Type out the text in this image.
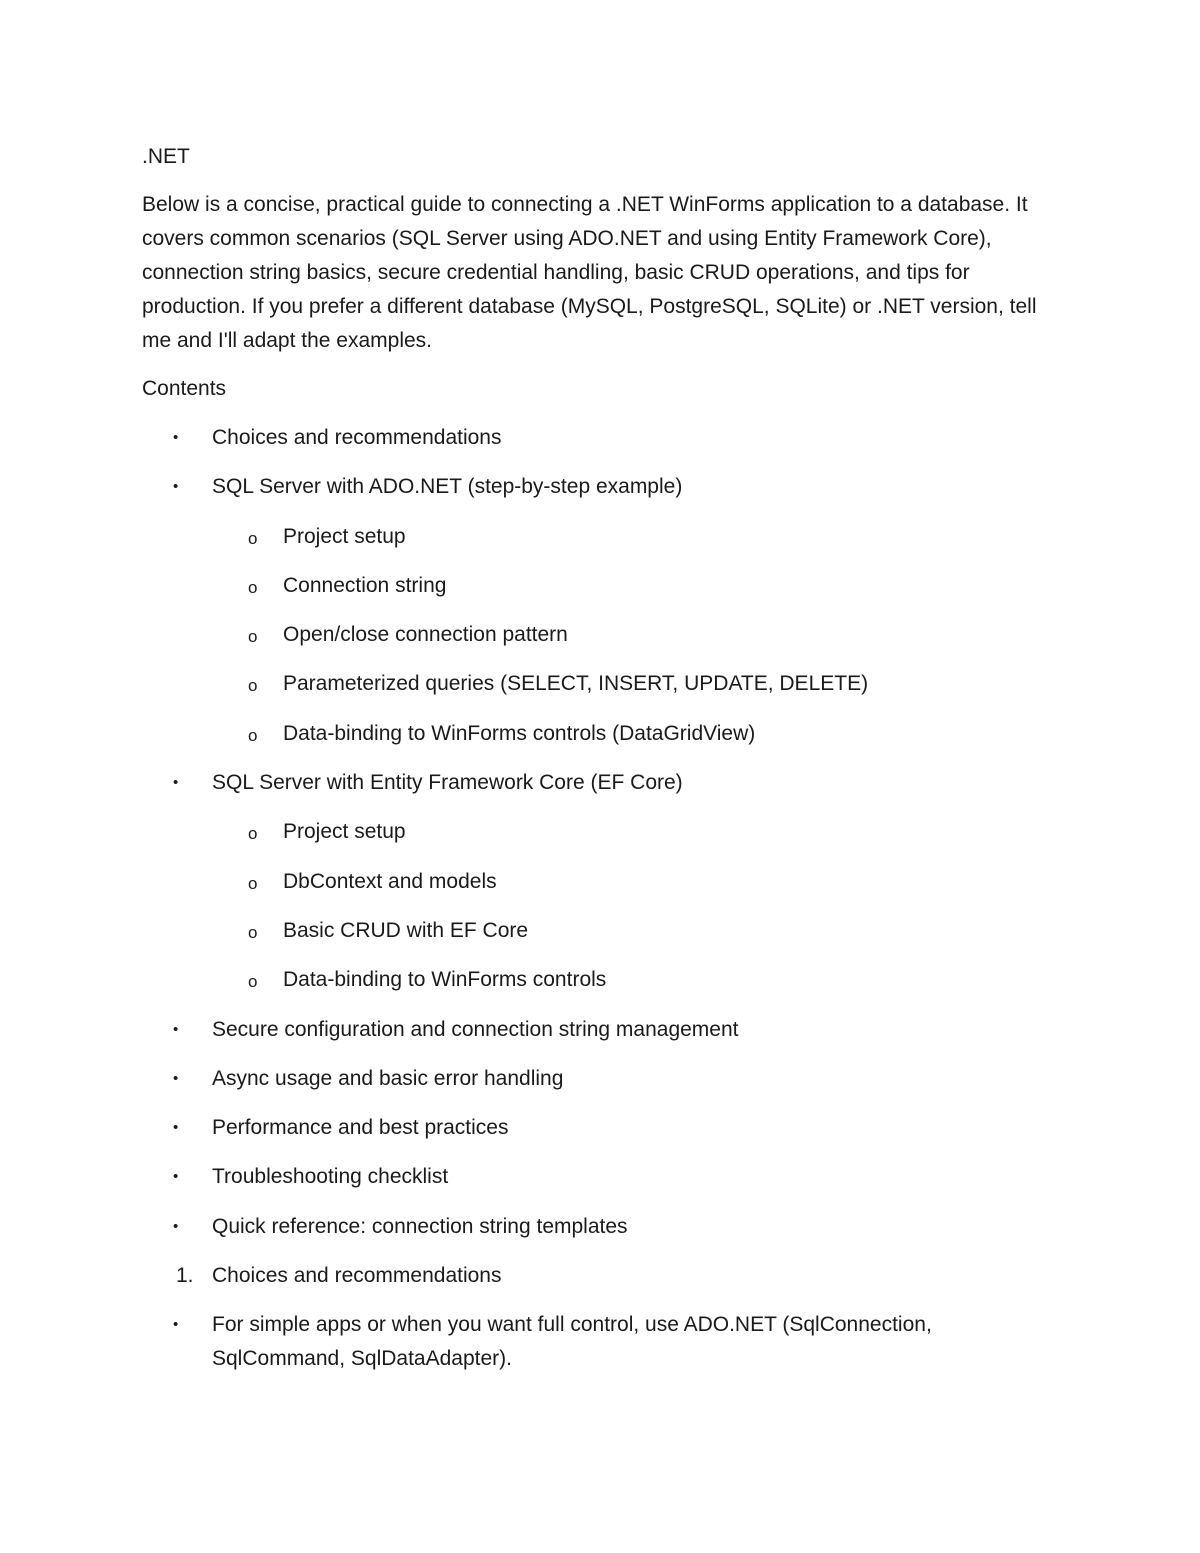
.NET

Below is a concise, practical guide to connecting a .NET WinForms application to a database. It covers common scenarios (SQL Server using ADO.NET and using Entity Framework Core), connection string basics, secure credential handling, basic CRUD operations, and tips for production. If you prefer a different database (MySQL, PostgreSQL, SQLite) or .NET version, tell me and I'll adapt the examples.

Contents

• Choices and recommendations
• SQL Server with ADO.NET (step-by-step example)
o Project setup
o Connection string
o Open/close connection pattern
o Parameterized queries (SELECT, INSERT, UPDATE, DELETE)
o Data-binding to WinForms controls (DataGridView)
• SQL Server with Entity Framework Core (EF Core)
o Project setup
o DbContext and models
o Basic CRUD with EF Core
o Data-binding to WinForms controls
• Secure configuration and connection string management
• Async usage and basic error handling
• Performance and best practices
• Troubleshooting checklist
• Quick reference: connection string templates
1. Choices and recommendations

• For simple apps or when you want full control, use ADO.NET (SqlConnection, SqlCommand, SqlDataAdapter).
